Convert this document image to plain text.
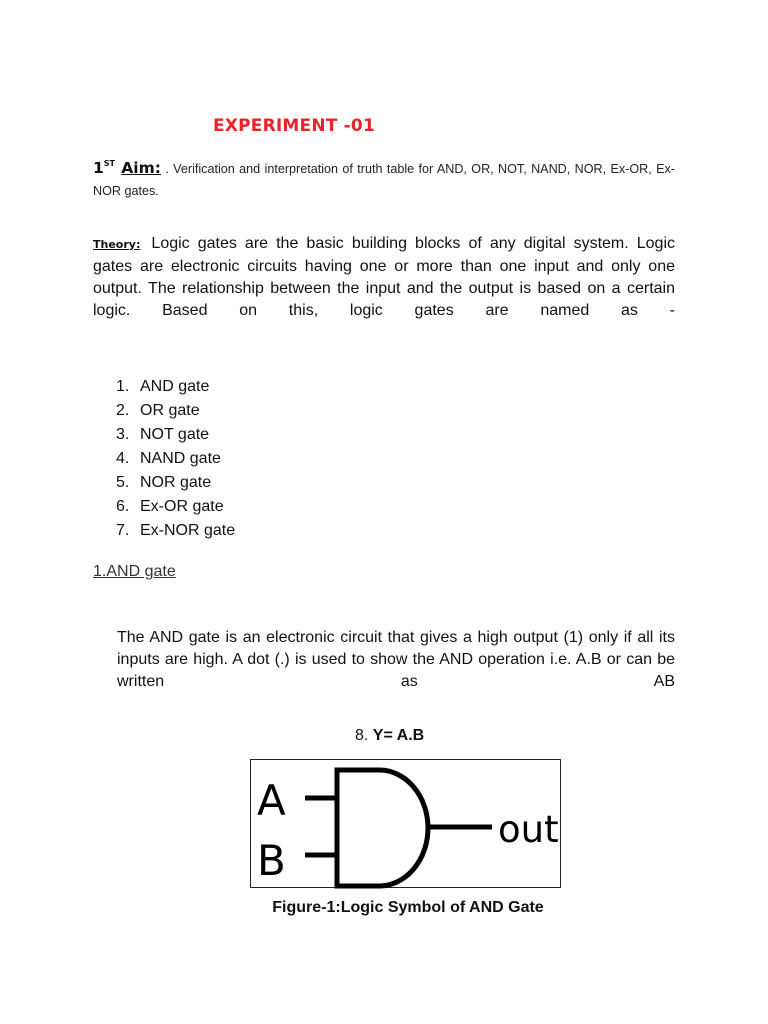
EXPERIMENT -01
1ST Aim: . Verification and interpretation of truth table for AND, OR, NOT, NAND, NOR, Ex-OR, Ex-NOR gates.
Theory: Logic gates are the basic building blocks of any digital system. Logic gates are electronic circuits having one or more than one input and only one output. The relationship between the input and the output is based on a certain logic. Based on this, logic gates are named as -
1. AND gate
2. OR gate
3. NOT gate
4. NAND gate
5. NOR gate
6. Ex-OR gate
7. Ex-NOR gate
1.AND gate
The AND gate is an electronic circuit that gives a high output (1) only if all its inputs are high. A dot (.) is used to show the AND operation i.e. A.B or can be written as AB
8. Y= A.B
A
B
out
Figure-1:Logic Symbol of AND Gate
